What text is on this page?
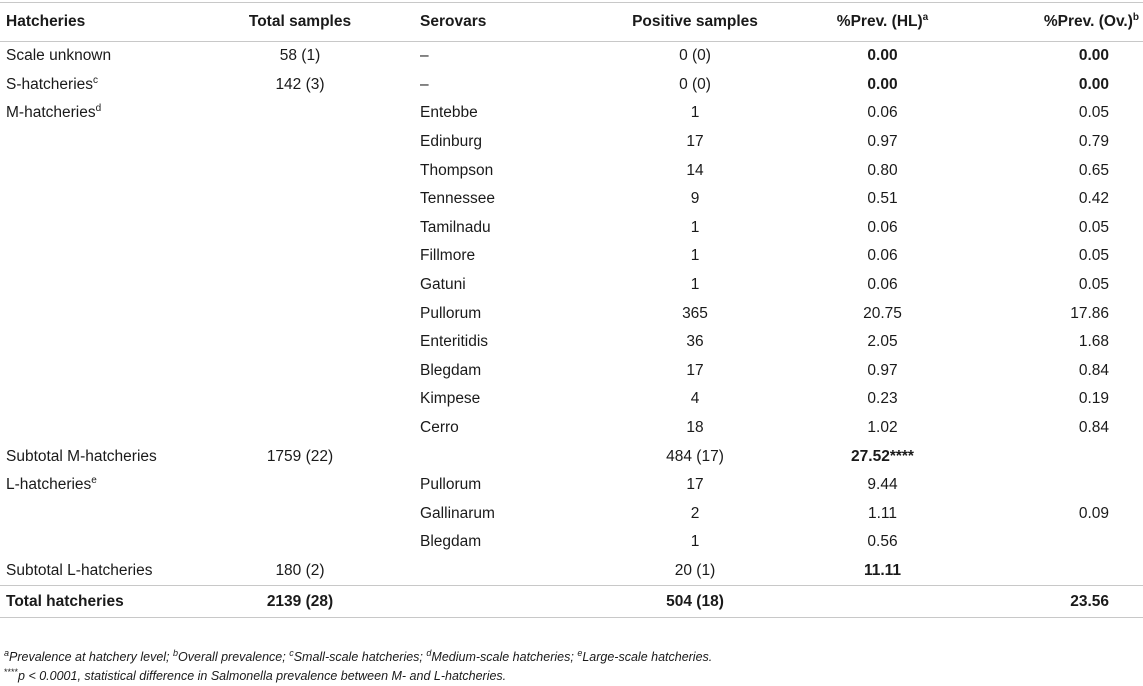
Hatcheries	Total samples	Serovars	Positive samples	%Prev. (HL)$^a$	%Prev. $(Ov.)^b$
Scale unknown	58 (1)	–	0 (0)	0.00	0.00
S-hatcheries$^c$	142 (3)	–	0 (0)	0.00	0.00
M-hatcheries$^d$		Entebbe	1	0.06	0.05
		Edinburg	17	0.97	0.79
		Thompson	14	0.80	0.65
		Tennessee	9	0.51	0.42
		Tamilnadu	1	0.06	0.05
		Fillmore	1	0.06	0.05
		Gatuni	1	0.06	0.05
		Pullorum	365	20.75	17.86
		Enteritidis	36	2.05	1.68
		Blegdam	17	0.97	0.84
		Kimpese	4	0.23	0.19
		Cerro	18	1.02	0.84
Subtotal M-hatcheries	1759 (22)		484 (17)	27.52****	
L-hatcheries$^e$		Pullorum	17	9.44	
		Gallinarum	2	1.11	0.09
		Blegdam	1	0.56	
Subtotal L-hatcheries	180 (2)		20 (1)	11.11	
Total hatcheries	2139 (28)		504 (18)		23.56
$^a$Prevalence at hatchery level; $^b$Overall prevalence; $^c$Small-scale hatcheries; $^d$Medium-scale hatcheries; $^e$Large-scale hatcheries.
****p < 0.0001, statistical difference in Salmonella prevalence between M- and L-hatcheries.
